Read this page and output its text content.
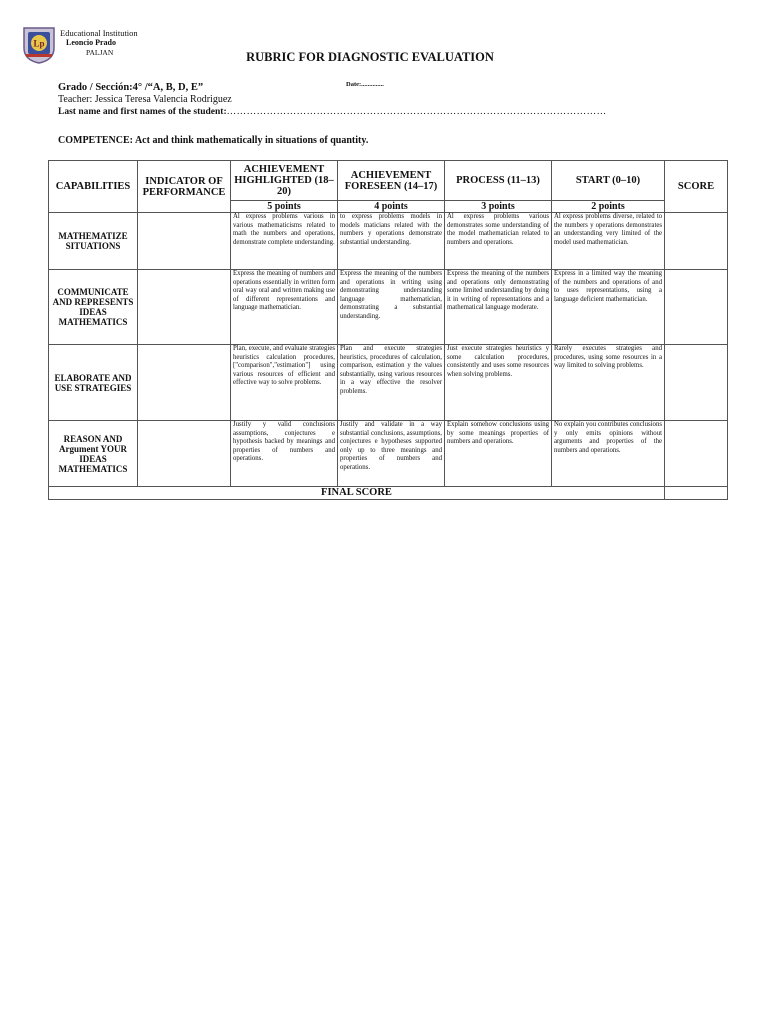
Lp
Educational Institution
Leoncio Prado
PALJAN	RUBRIC FOR DIAGNOSTIC EVALUATION
Grado / Sección:4° /“A, B, D, E”	Date:..............
Teacher: Jessica Teresa Valencia Rodriguez
Last name and first names of the student:……………………………………………………………………………………………………
COMPETENCE: Act and think mathematically in situations of quantity.
CAPABILITIES	INDICATOR OF PERFORMANCE	ACHIEVEMENT HIGHLIGHTED (18–20)	ACHIEVEMENT FORESEEN (14–17)	PROCESS (11–13)	START (0–10)	SCORE
		5 points	4 points	3 points	2 points	
MATHEMATIZE SITUATIONS		Al express problems various in various mathematicisms related to math the numbers and operations, demonstrate complete understanding.	to express problems models in models maticians related with the numbers y operations demonstrate substantial understanding.	Al express problems various demonstrates some understanding of the model mathematician related to numbers and operations.	Al express problems diverse, related to the numbers y operations demonstrates an understanding very limited of the model used mathematician.	
COMMUNICATE AND REPRESENTS IDEAS MATHEMATICS		Express the meaning of numbers and operations essentially in written form oral way oral and written making use of different representations and language mathematician.	Express the meaning of the numbers and operations in writing using demonstrating understanding language mathematician, demonstrating a substantial understanding.	Express the meaning of the numbers and operations only demonstrating some limited understanding by doing it in writing of representations and a mathematical language moderate.	Express in a limited way the meaning of the numbers and operations of and to uses representations, using a language deficient mathematician.	
ELABORATE AND USE STRATEGIES		Plan, execute, and evaluate strategies heuristics calculation procedures, ["comparison","estimation"] using various resources of efficient and effective way to solve problems.	Plan and execute strategies heuristics, procedures of calculation, comparison, estimation y the values substantially, using various resources in a way effective the resolver problems.	Just execute strategies heuristics y some calculation procedures, consistently and uses some resources when solving problems.	Rarely executes strategies and procedures, using some resources in a way limited to solving problems.	
REASON AND Argument YOUR IDEAS MATHEMATICS		Justify y valid conclusions assumptions, conjectures e hypothesis backed by meanings and properties of numbers and operations.	Justify and validate in a way substantial conclusions, assumptions, conjectures e hypotheses supported only up to three meanings and properties of numbers and operations.	Explain somehow conclusions using by some meanings properties of numbers and operations.	No explain you contributes conclusions y only emits opinions without arguments and properties of the numbers and operations.	
FINAL SCORE						
